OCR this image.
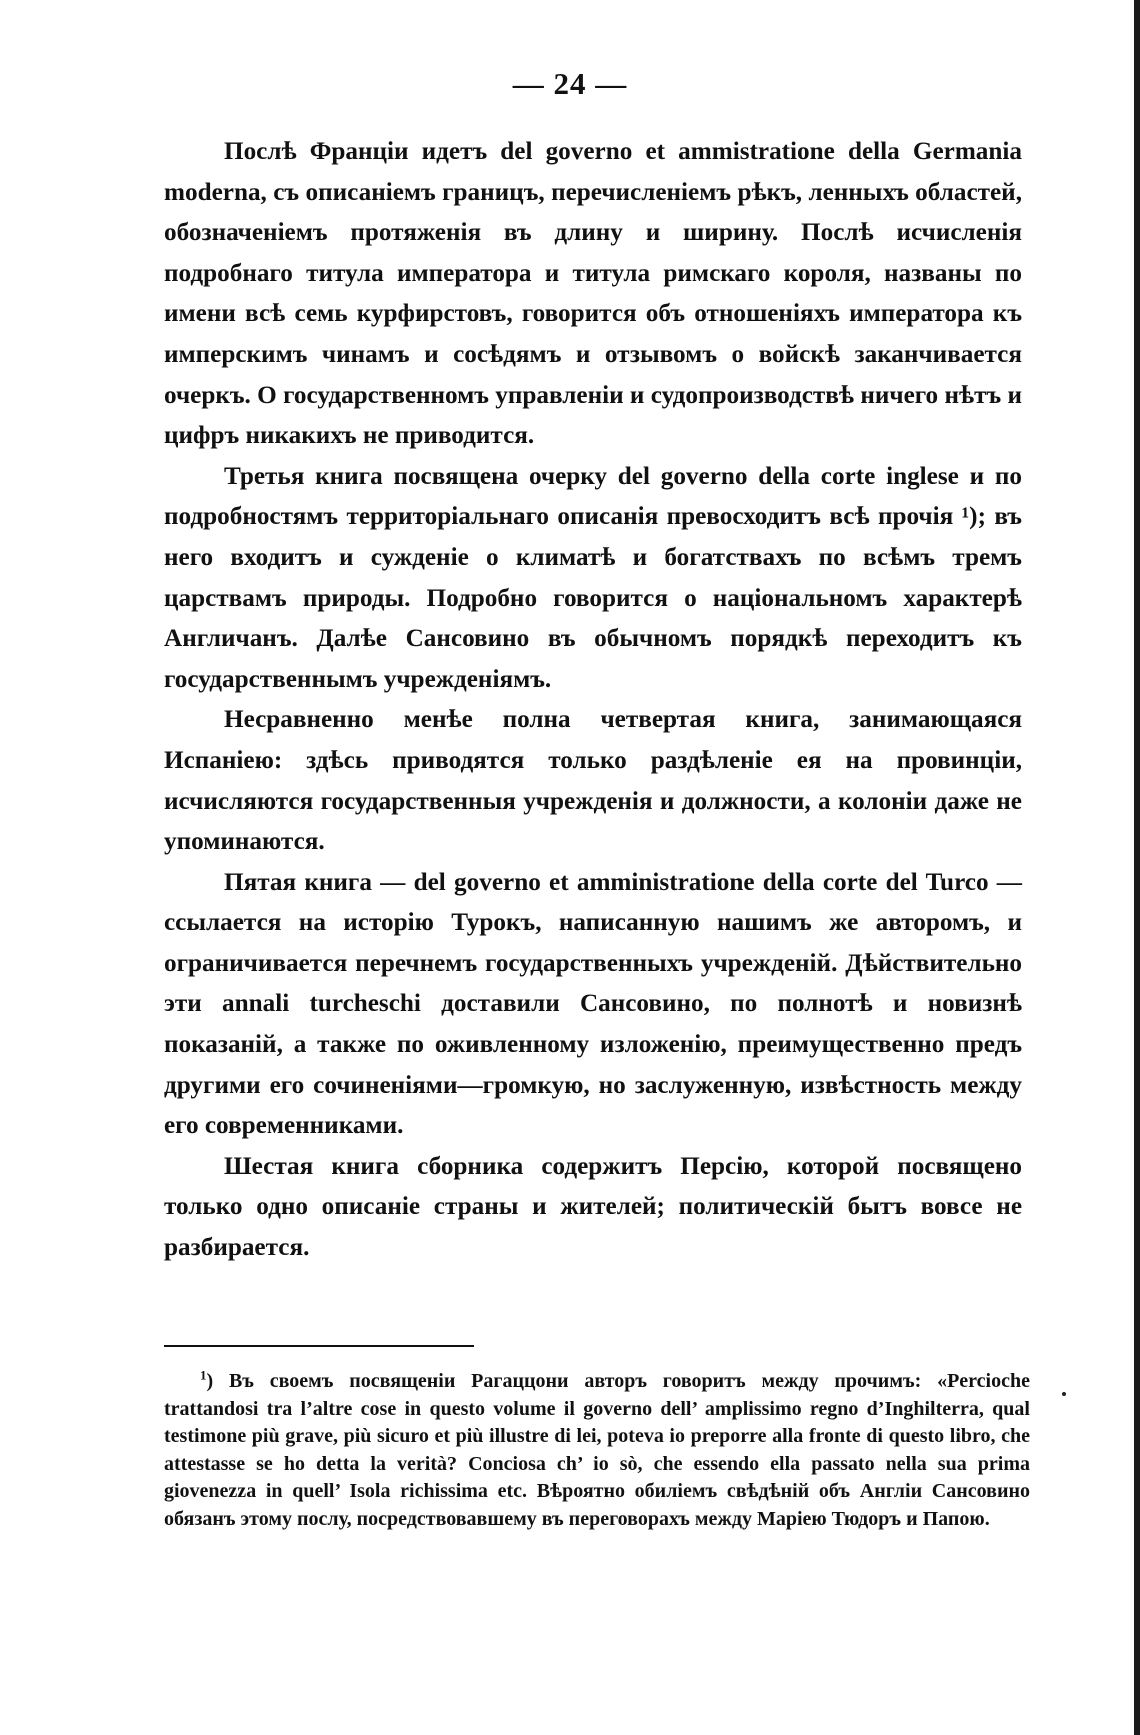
— 24 —

Послѣ Франціи идетъ del governo et ammistratione della Germania moderna, съ описаніемъ границъ, перечисленіемъ рѣкъ, ленныхъ областей, обозначеніемъ протяженія въ длину и ширину. Послѣ исчисленія подробнаго титула императора и титула римскаго короля, названы по имени всѣ семь курфирстовъ, говорится объ отношеніяхъ императора къ имперскимъ чинамъ и сосѣдямъ и отзывомъ о войскѣ заканчивается очеркъ. О государственномъ управленіи и судопроизводствѣ ничего нѣтъ и цифръ никакихъ не приводится.

Третья книга посвящена очерку del governo della corte inglese и по подробностямъ территоріальнаго описанія превосходитъ всѣ прочія ¹); въ него входитъ и сужденіе о климатѣ и богатствахъ по всѣмъ тремъ царствамъ природы. Подробно говорится о національномъ характерѣ Англичанъ. Далѣе Сансовино въ обычномъ порядкѣ переходитъ къ государственнымъ учрежденіямъ.

Несравненно менѣе полна четвертая книга, занимающаяся Испаніею: здѣсь приводятся только раздѣленіе ея на провинціи, исчисляются государственныя учрежденія и должности, а колоніи даже не упоминаются.

Пятая книга — del governo et amministratione della corte del Turco — ссылается на исторію Турокъ, написанную нашимъ же авторомъ, и ограничивается перечнемъ государственныхъ учрежденій. Дѣйствительно эти annali turcheschi доставили Сансовино, по полнотѣ и новизнѣ показаній, а также по оживленному изложенію, преимущественно предъ другими его сочиненіями—громкую, но заслуженную, извѣстность между его современниками.

Шестая книга сборника содержитъ Персію, которой посвящено только одно описаніе страны и жителей; политическій бытъ вовсе не разбирается.

$^1$) Въ своемъ посвященіи Рагаццони авторъ говоритъ между прочимъ: «Percioche trattandosi tra l’altre cose in questo volume il governo dell’ amplissimo regno d’Inghilterra, qual testimone più grave, più sicuro et più illustre di lei, poteva io preporre alla fronte di questo libro, che attestasse se ho detta la verità? Conciosa ch’ io sò, che essendo ella passato nella sua prima giovenezza in quell’ Isola richissima etc. Вѣроятно обиліемъ свѣдѣній объ Англіи Сансовино обязанъ этому послу, посредствовавшему въ переговорахъ между Маріею Тюдоръ и Папою.
